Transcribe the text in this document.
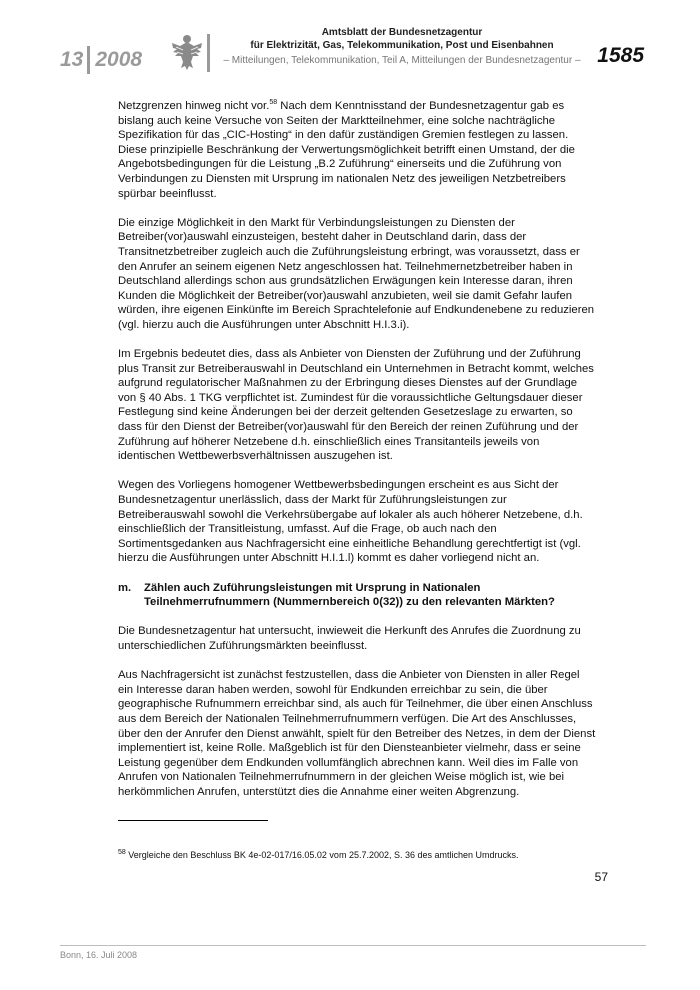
13 2008
Amtsblatt der Bundesnetzagentur
für Elektrizität, Gas, Telekommunikation, Post und Eisenbahnen
– Mitteilungen, Telekommunikation, Teil A, Mitteilungen der Bundesnetzagentur – 1585

Netzgrenzen hinweg nicht vor.$^{58}$ Nach dem Kenntnisstand der Bundesnetzagentur gab es bislang auch keine Versuche von Seiten der Marktteilnehmer, eine solche nachträgliche Spezifikation für das „CIC-Hosting“ in den dafür zuständigen Gremien festlegen zu lassen. Diese prinzipielle Beschränkung der Verwertungsmöglichkeit betrifft einen Umstand, der die Angebotsbedingungen für die Leistung „B.2 Zuführung“ einerseits und die Zuführung von Verbindungen zu Diensten mit Ursprung im nationalen Netz des jeweiligen Netzbetreibers spürbar beeinflusst.

Die einzige Möglichkeit in den Markt für Verbindungsleistungen zu Diensten der Betreiber(vor)auswahl einzusteigen, besteht daher in Deutschland darin, dass der Transitnetzbetreiber zugleich auch die Zuführungsleistung erbringt, was voraussetzt, dass er den Anrufer an seinem eigenen Netz angeschlossen hat. Teilnehmernetzbetreiber haben in Deutschland allerdings schon aus grundsätzlichen Erwägungen kein Interesse daran, ihren Kunden die Möglichkeit der Betreiber(vor)auswahl anzubieten, weil sie damit Gefahr laufen würden, ihre eigenen Einkünfte im Bereich Sprachtelefonie auf Endkundenebene zu reduzieren (vgl. hierzu auch die Ausführungen unter Abschnitt H.I.3.i).

Im Ergebnis bedeutet dies, dass als Anbieter von Diensten der Zuführung und der Zuführung plus Transit zur Betreiberauswahl in Deutschland ein Unternehmen in Betracht kommt, welches aufgrund regulatorischer Maßnahmen zu der Erbringung dieses Dienstes auf der Grundlage von § 40 Abs. 1 TKG verpflichtet ist. Zumindest für die voraussichtliche Geltungsdauer dieser Festlegung sind keine Änderungen bei der derzeit geltenden Gesetzeslage zu erwarten, so dass für den Dienst der Betreiber(vor)auswahl für den Bereich der reinen Zuführung und der Zuführung auf höherer Netzebene d.h. einschließlich eines Transitanteils jeweils von identischen Wettbewerbsverhältnissen auszugehen ist.

Wegen des Vorliegens homogener Wettbewerbsbedingungen erscheint es aus Sicht der Bundesnetzagentur unerlässlich, dass der Markt für Zuführungsleistungen zur Betreiberauswahl sowohl die Verkehrsübergabe auf lokaler als auch höherer Netzebene, d.h. einschließlich der Transitleistung, umfasst. Auf die Frage, ob auch nach den Sortimentsgedanken aus Nachfragersicht eine einheitliche Behandlung gerechtfertigt ist (vgl. hierzu die Ausführungen unter Abschnitt H.I.1.l) kommt es daher vorliegend nicht an.

m.	Zählen auch Zuführungsleistungen mit Ursprung in Nationalen Teilnehmerrufnummern (Nummernbereich 0(32)) zu den relevanten Märkten?

Die Bundesnetzagentur hat untersucht, inwieweit die Herkunft des Anrufes die Zuordnung zu unterschiedlichen Zuführungsmärkten beeinflusst.

Aus Nachfragersicht ist zunächst festzustellen, dass die Anbieter von Diensten in aller Regel ein Interesse daran haben werden, sowohl für Endkunden erreichbar zu sein, die über geographische Rufnummern erreichbar sind, als auch für Teilnehmer, die über einen Anschluss aus dem Bereich der Nationalen Teilnehmerrufnummern verfügen. Die Art des Anschlusses, über den der Anrufer den Dienst anwählt, spielt für den Betreiber des Netzes, in dem der Dienst implementiert ist, keine Rolle. Maßgeblich ist für den Diensteanbieter vielmehr, dass er seine Leistung gegenüber dem Endkunden vollumfänglich abrechnen kann. Weil dies im Falle von Anrufen von Nationalen Teilnehmerrufnummern in der gleichen Weise möglich ist, wie bei herkömmlichen Anrufen, unterstützt dies die Annahme einer weiten Abgrenzung.

$^{58}$ Vergleiche den Beschluss BK 4e-02-017/16.05.02 vom 25.7.2002, S. 36 des amtlichen Umdrucks.
57
Bonn, 16. Juli 2008
